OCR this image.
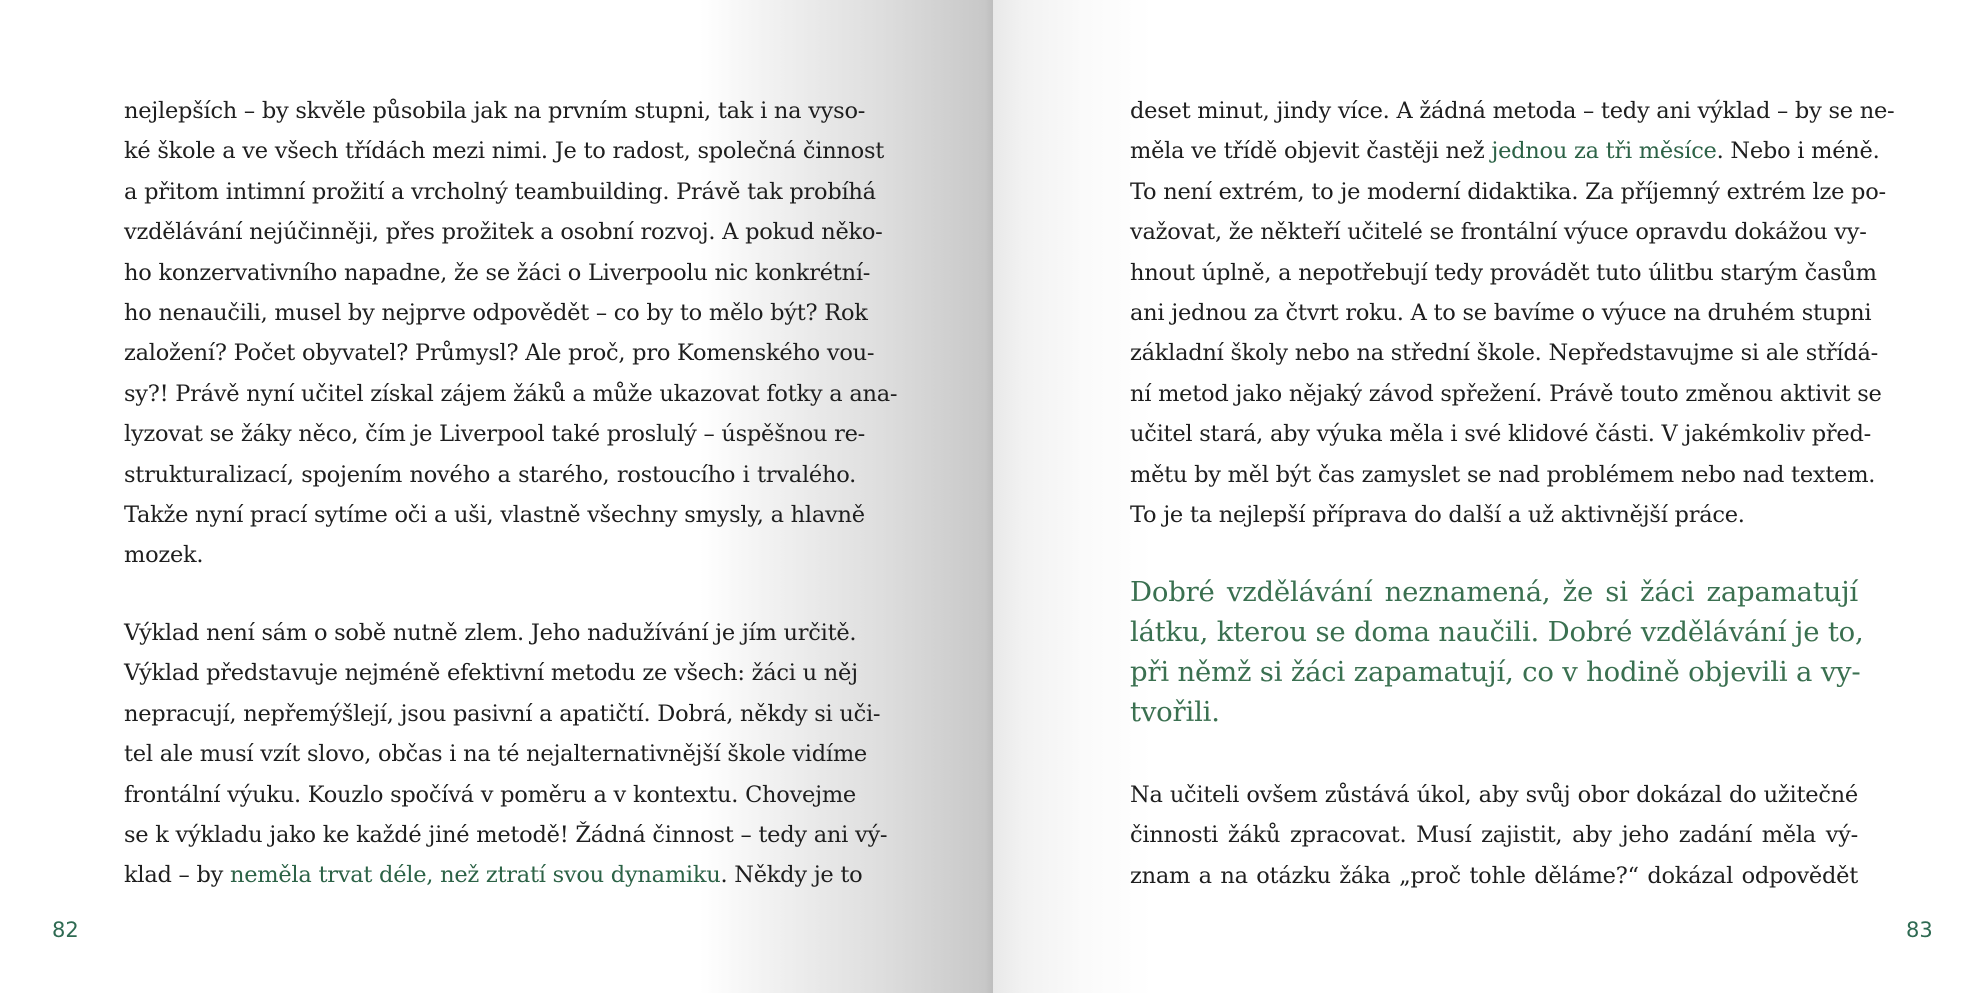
nejlepších – by skvěle působila jak na prvním stupni, tak i na vyso-
ké škole a ve všech třídách mezi nimi. Je to radost, společná činnost
a přitom intimní prožití a vrcholný teambuilding. Právě tak probíhá
vzdělávání nejúčinněji, přes prožitek a osobní rozvoj. A pokud něko-
ho konzervativního napadne, že se žáci o Liverpoolu nic konkrétní-
ho nenaučili, musel by nejprve odpovědět – co by to mělo být? Rok
založení? Počet obyvatel? Průmysl? Ale proč, pro Komenského vou-
sy?! Právě nyní učitel získal zájem žáků a může ukazovat fotky a ana-
lyzovat se žáky něco, čím je Liverpool také proslulý – úspěšnou re-
strukturalizací, spojením nového a starého, rostoucího i trvalého.
Takže nyní prací sytíme oči a uši, vlastně všechny smysly, a hlavně
mozek.
Výklad není sám o sobě nutně zlem. Jeho nadužívání je jím určitě.
Výklad představuje nejméně efektivní metodu ze všech: žáci u něj
nepracují, nepřemýšlejí, jsou pasivní a apatičtí. Dobrá, někdy si uči-
tel ale musí vzít slovo, občas i na té nejalternativnější škole vidíme
frontální výuku. Kouzlo spočívá v poměru a v kontextu. Chovejme
se k výkladu jako ke každé jiné metodě! Žádná činnost – tedy ani vý-
klad – by neměla trvat déle, než ztratí svou dynamiku. Někdy je to
82
deset minut, jindy více. A žádná metoda – tedy ani výklad – by se ne-
měla ve třídě objevit častěji než jednou za tři měsíce. Nebo i méně.
To není extrém, to je moderní didaktika. Za příjemný extrém lze po-
važovat, že někteří učitelé se frontální výuce opravdu dokážou vy-
hnout úplně, a nepotřebují tedy provádět tuto úlitbu starým časům
ani jednou za čtvrt roku. A to se bavíme o výuce na druhém stupni
základní školy nebo na střední škole. Nepředstavujme si ale střídá-
ní metod jako nějaký závod spřežení. Právě touto změnou aktivit se
učitel stará, aby výuka měla i své klidové části. V jakémkoliv před-
mětu by měl být čas zamyslet se nad problémem nebo nad textem.
To je ta nejlepší příprava do další a už aktivnější práce.
Dobré vzdělávání neznamená, že si žáci zapamatují
látku, kterou se doma naučili. Dobré vzdělávání je to,
při němž si žáci zapamatují, co v hodině objevili a vy-
tvořili.
Na učiteli ovšem zůstává úkol, aby svůj obor dokázal do užitečné
činnosti žáků zpracovat. Musí zajistit, aby jeho zadání měla vý-
znam a na otázku žáka „proč tohle děláme?“ dokázal odpovědět
83
